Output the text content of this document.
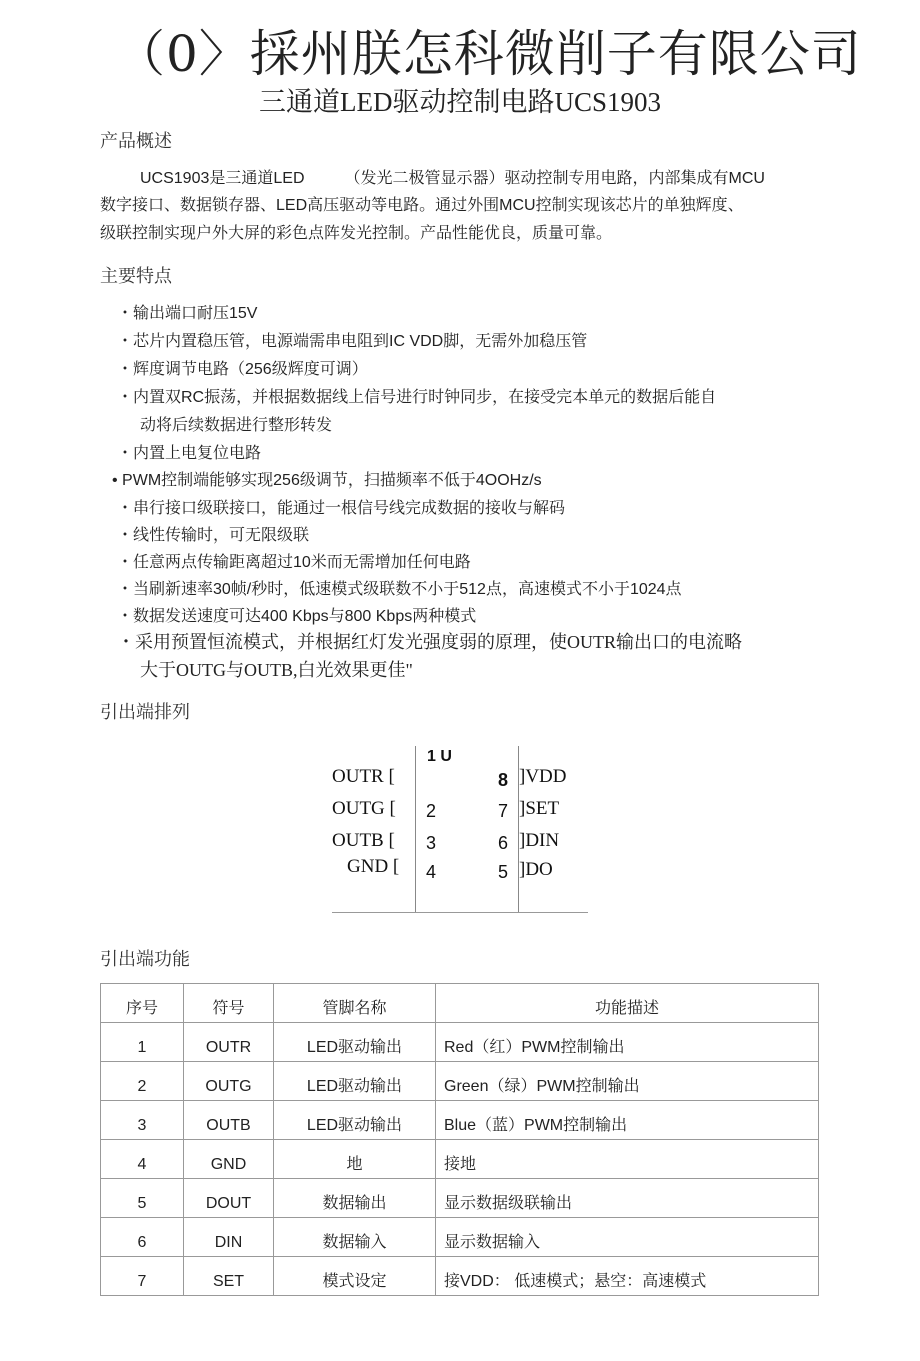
（0〉採州朕怎科微削子有限公司
三通道LED驱动控制电路UCS1903
产品概述
UCS1903是三通道LED　　　（发光二极管显示器）驱动控制专用电路，内部集成有MCU
数字接口、数据锁存器、LED高压驱动等电路。通过外围MCU控制实现该芯片的单独辉度、
级联控制实现户外大屏的彩色点阵发光控制。产品性能优良，质量可靠。
主要特点
・输出端口耐压15V
・芯片内置稳压管，电源端需串电阻到IC VDD脚，无需外加稳压管
・辉度调节电路（256级辉度可调）
・内置双RC振荡，并根据数据线上信号进行时钟同步，在接受完本单元的数据后能自
动将后续数据进行整形转发
・内置上电复位电路
• PWM控制端能够实现256级调节，扫描频率不低于4OOHz/s
・串行接口级联接口，能通过一根信号线完成数据的接收与解码
・线性传输时，可无限级联
・任意两点传输距离超过10米而无需增加任何电路
・当刷新速率30帧/秒时，低速模式级联数不小于512点，高速模式不小于1024点
・数据发送速度可达400 Kbps与800 Kbps两种模式
・采用预置恒流模式，并根据红灯发光强度弱的原理，使OUTR输出口的电流略
大于OUTG与OUTB,白光效果更佳"
引出端排列
1 U
OUTR [
OUTG [
OUTB [
GND [
2
3
4
8
7
6
5
]VDD
]SET
]DIN
]DO
引出端功能
序号	符号	管脚名称	功能描述
1	OUTR	LED驱动输出	Red（红）PWM控制输出
2	OUTG	LED驱动输出	Green（绿）PWM控制输出
3	OUTB	LED驱动输出	Blue（蓝）PWM控制输出
4	GND	地	接地
5	DOUT	数据输出	显示数据级联输出
6	DIN	数据输入	显示数据输入
7	SET	模式设定	接VDD： 低速模式；悬空：高速模式
